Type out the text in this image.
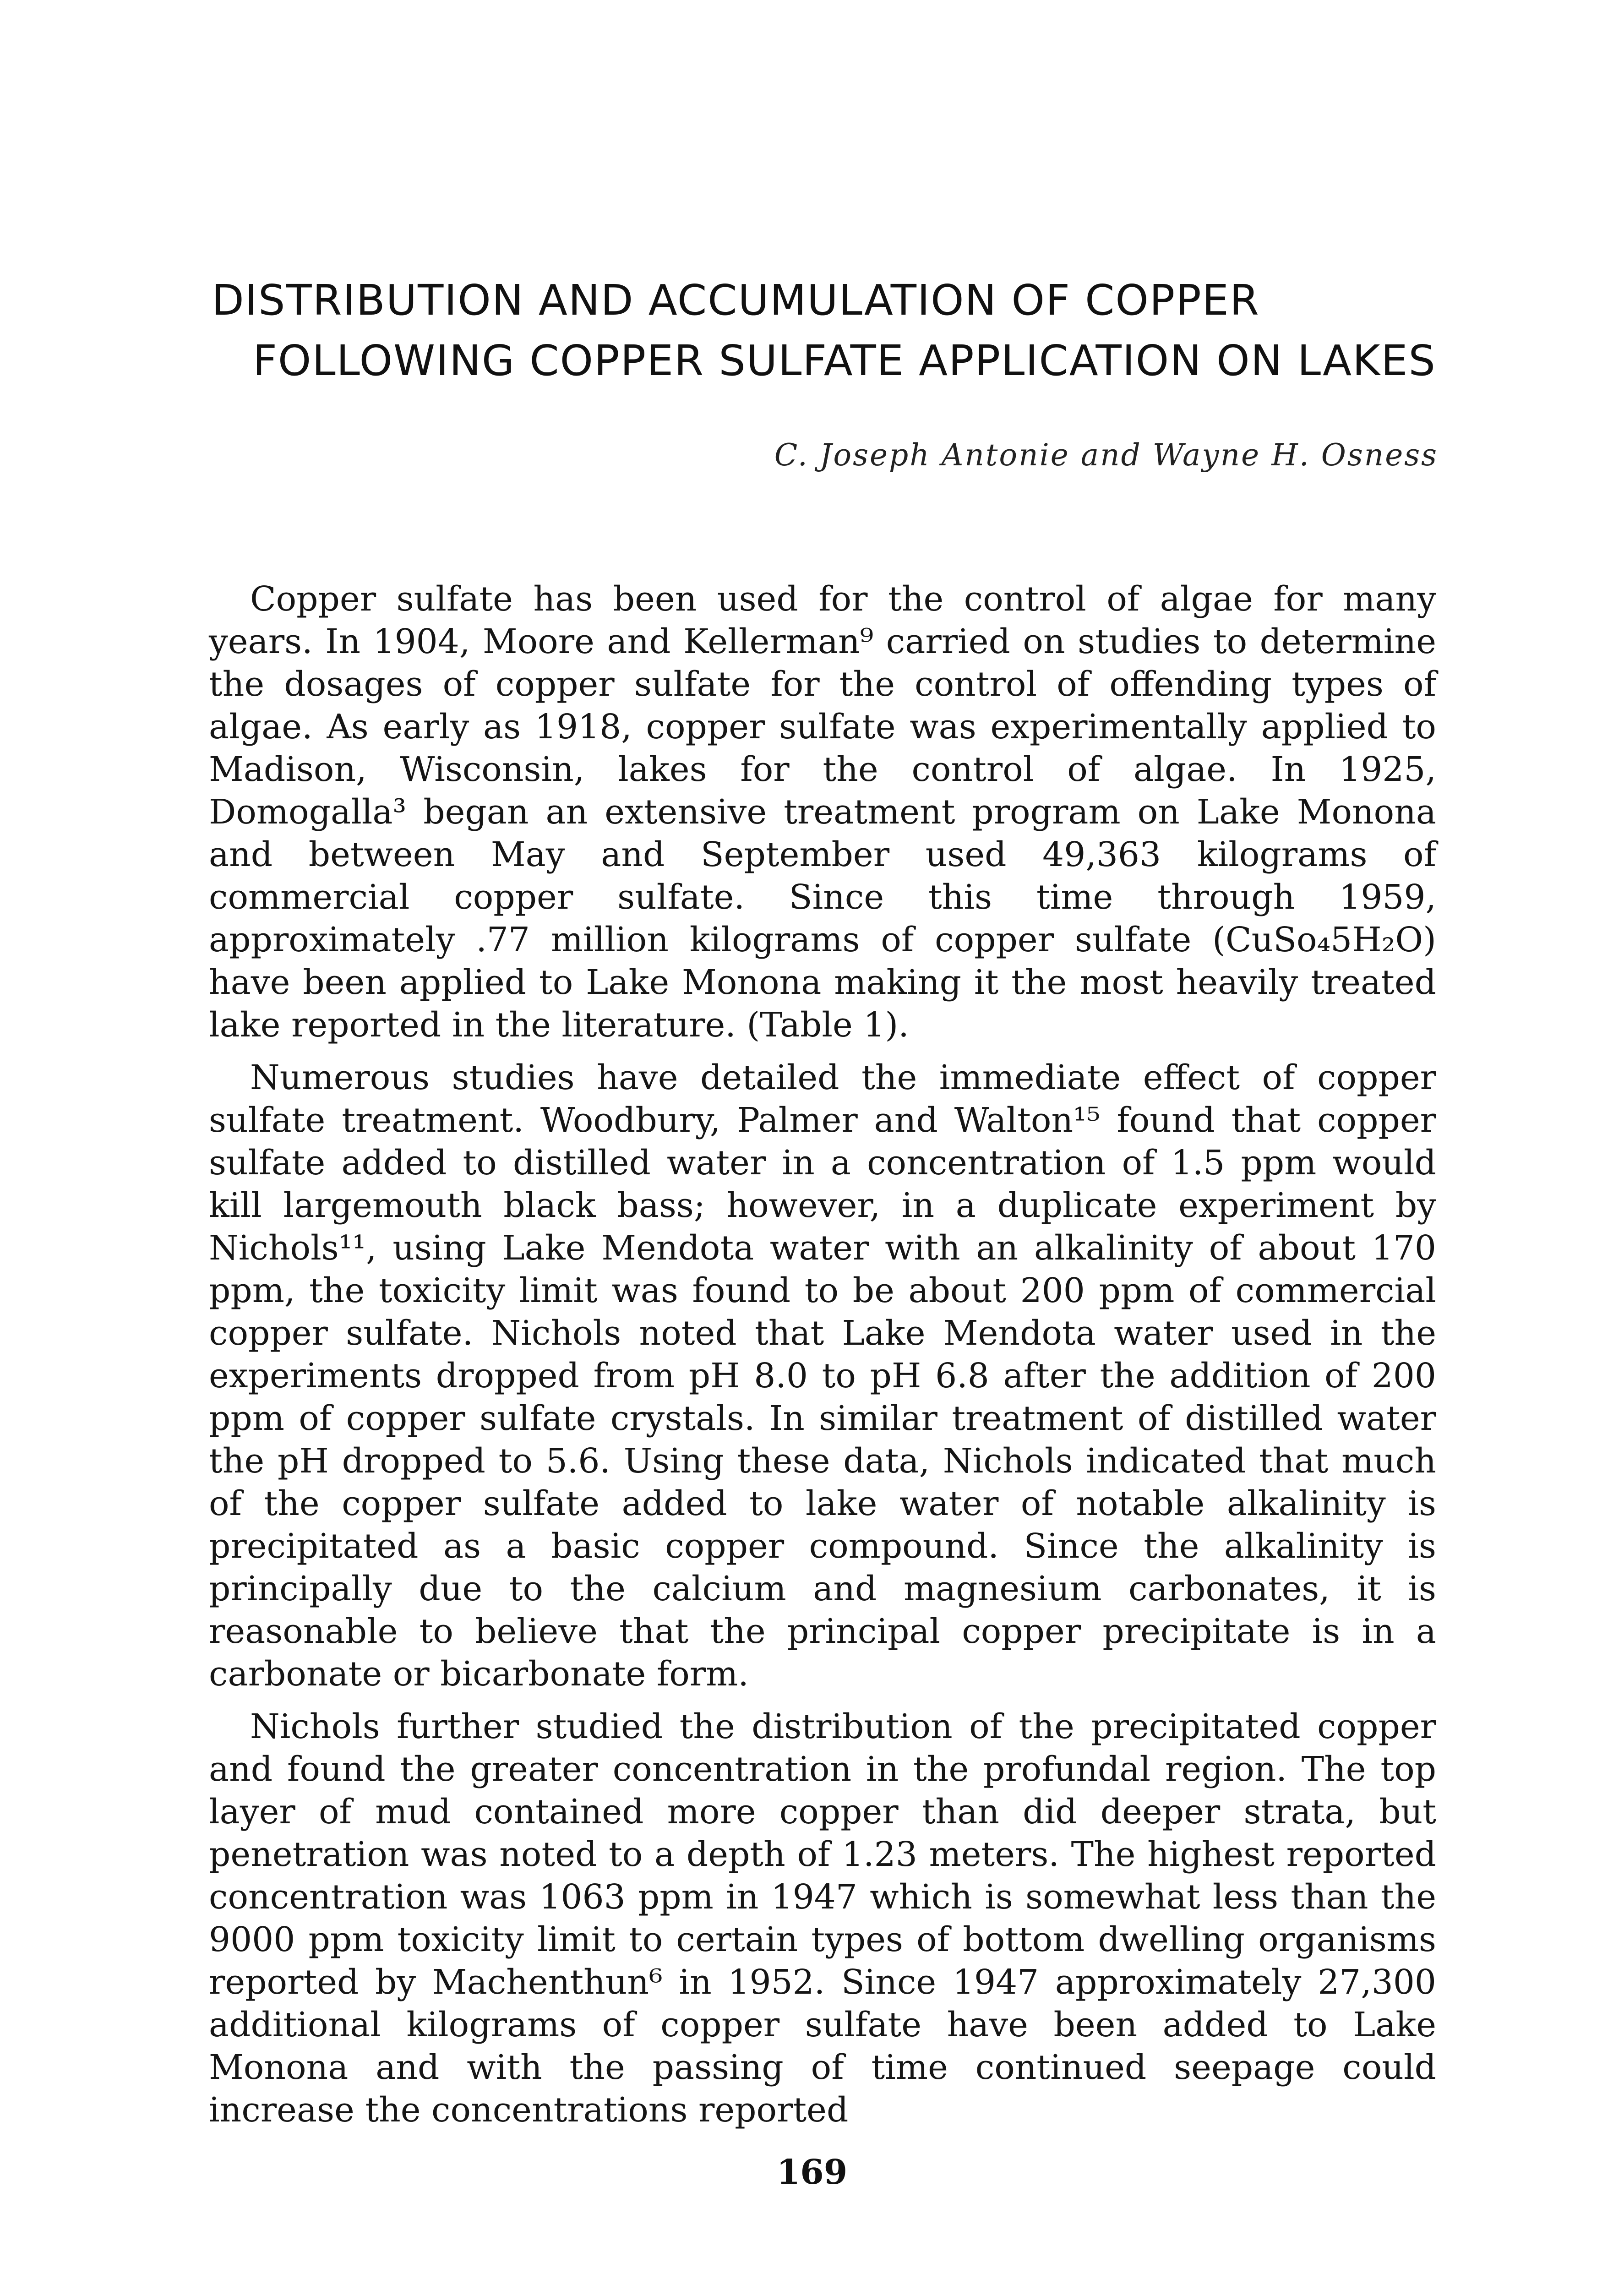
DISTRIBUTION AND ACCUMULATION OF COPPER
FOLLOWING COPPER SULFATE APPLICATION ON LAKES
C. Joseph Antonie and Wayne H. Osness

Copper sulfate has been used for the control of algae for many years. In 1904, Moore and Kellerman⁹ carried on studies to determine the dosages of copper sulfate for the control of offending types of algae. As early as 1918, copper sulfate was experimentally applied to Madison, Wisconsin, lakes for the control of algae. In 1925, Domogalla³ began an extensive treatment program on Lake Monona and between May and September used 49,363 kilograms of commercial copper sulfate. Since this time through 1959, approximately .77 million kilograms of copper sulfate (CuSo₄5H₂O) have been applied to Lake Monona making it the most heavily treated lake reported in the literature. (Table 1).

Numerous studies have detailed the immediate effect of copper sulfate treatment. Woodbury, Palmer and Walton¹⁵ found that copper sulfate added to distilled water in a concentration of 1.5 ppm would kill largemouth black bass; however, in a duplicate experiment by Nichols¹¹, using Lake Mendota water with an alkalinity of about 170 ppm, the toxicity limit was found to be about 200 ppm of commercial copper sulfate. Nichols noted that Lake Mendota water used in the experiments dropped from pH 8.0 to pH 6.8 after the addition of 200 ppm of copper sulfate crystals. In similar treatment of distilled water the pH dropped to 5.6. Using these data, Nichols indicated that much of the copper sulfate added to lake water of notable alkalinity is precipitated as a basic copper compound. Since the alkalinity is principally due to the calcium and magnesium carbonates, it is reasonable to believe that the principal copper precipitate is in a carbonate or bicarbonate form.

Nichols further studied the distribution of the precipitated copper and found the greater concentration in the profundal region. The top layer of mud contained more copper than did deeper strata, but penetration was noted to a depth of 1.23 meters. The highest reported concentration was 1063 ppm in 1947 which is somewhat less than the 9000 ppm toxicity limit to certain types of bottom dwelling organisms reported by Machenthun⁶ in 1952. Since 1947 approximately 27,300 additional kilograms of copper sulfate have been added to Lake Monona and with the passing of time continued seepage could increase the concentrations reported

169
